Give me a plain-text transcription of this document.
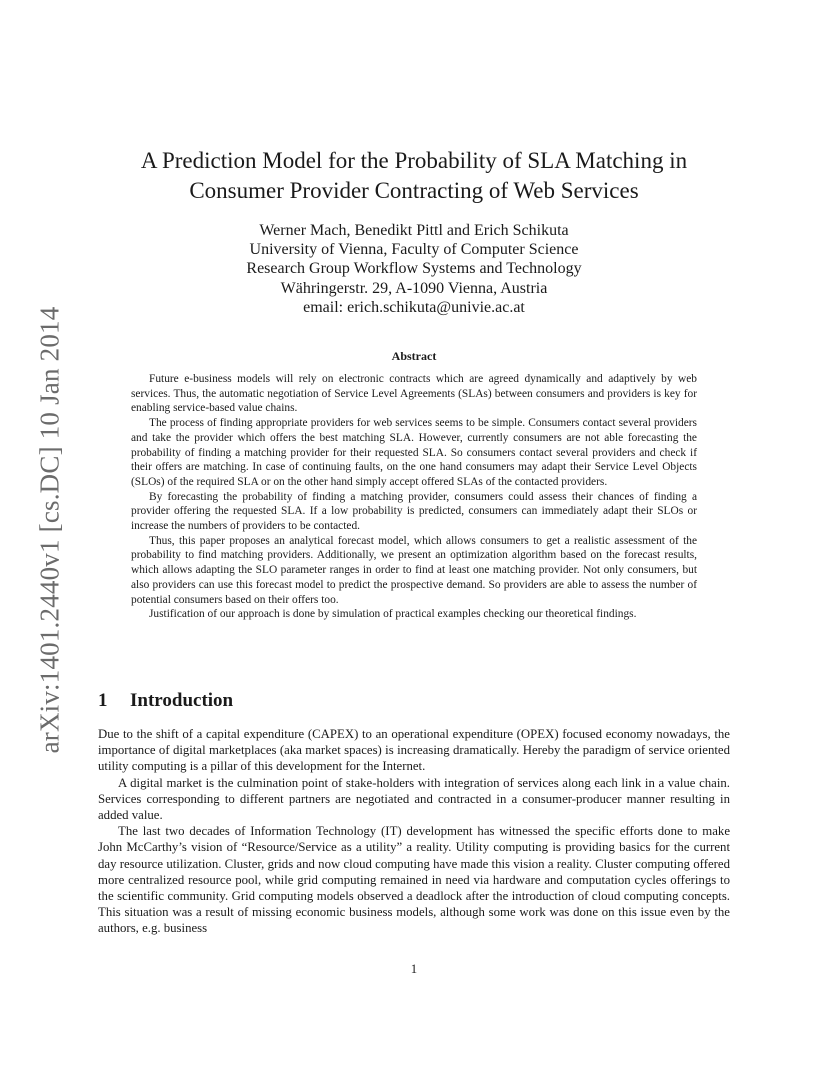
arXiv:1401.2440v1 [cs.DC] 10 Jan 2014
A Prediction Model for the Probability of SLA Matching in
Consumer Provider Contracting of Web Services
Werner Mach, Benedikt Pittl and Erich Schikuta
University of Vienna, Faculty of Computer Science
Research Group Workflow Systems and Technology
Währingerstr. 29, A-1090 Vienna, Austria
email: erich.schikuta@univie.ac.at
Abstract

Future e-business models will rely on electronic contracts which are agreed dynamically and adaptively by web services. Thus, the automatic negotiation of Service Level Agreements (SLAs) between consumers and providers is key for enabling service-based value chains.

The process of finding appropriate providers for web services seems to be simple. Consumers contact several providers and take the provider which offers the best matching SLA. However, currently consumers are not able forecasting the probability of finding a matching provider for their requested SLA. So consumers contact several providers and check if their offers are matching. In case of continuing faults, on the one hand consumers may adapt their Service Level Objects (SLOs) of the required SLA or on the other hand simply accept offered SLAs of the contacted providers.

By forecasting the probability of finding a matching provider, consumers could assess their chances of finding a provider offering the requested SLA. If a low probability is predicted, consumers can immediately adapt their SLOs or increase the numbers of providers to be contacted.

Thus, this paper proposes an analytical forecast model, which allows consumers to get a realistic assessment of the probability to find matching providers. Additionally, we present an optimization algorithm based on the forecast results, which allows adapting the SLO parameter ranges in order to find at least one matching provider. Not only consumers, but also providers can use this forecast model to predict the prospective demand. So providers are able to assess the number of potential consumers based on their offers too.

Justification of our approach is done by simulation of practical examples checking our theoretical findings.

1 Introduction

Due to the shift of a capital expenditure (CAPEX) to an operational expenditure (OPEX) focused economy nowadays, the importance of digital marketplaces (aka market spaces) is increasing dramatically. Hereby the paradigm of service oriented utility computing is a pillar of this development for the Internet.

A digital market is the culmination point of stake-holders with integration of services along each link in a value chain. Services corresponding to different partners are negotiated and contracted in a consumer-producer manner resulting in added value.

The last two decades of Information Technology (IT) development has witnessed the specific efforts done to make John McCarthy’s vision of “Resource/Service as a utility” a reality. Utility computing is providing basics for the current day resource utilization. Cluster, grids and now cloud computing have made this vision a reality. Cluster computing offered more centralized resource pool, while grid computing remained in need via hardware and computation cycles offerings to the scientific community. Grid computing models observed a deadlock after the introduction of cloud computing concepts. This situation was a result of missing economic business models, although some work was done on this issue even by the authors, e.g. business

1
